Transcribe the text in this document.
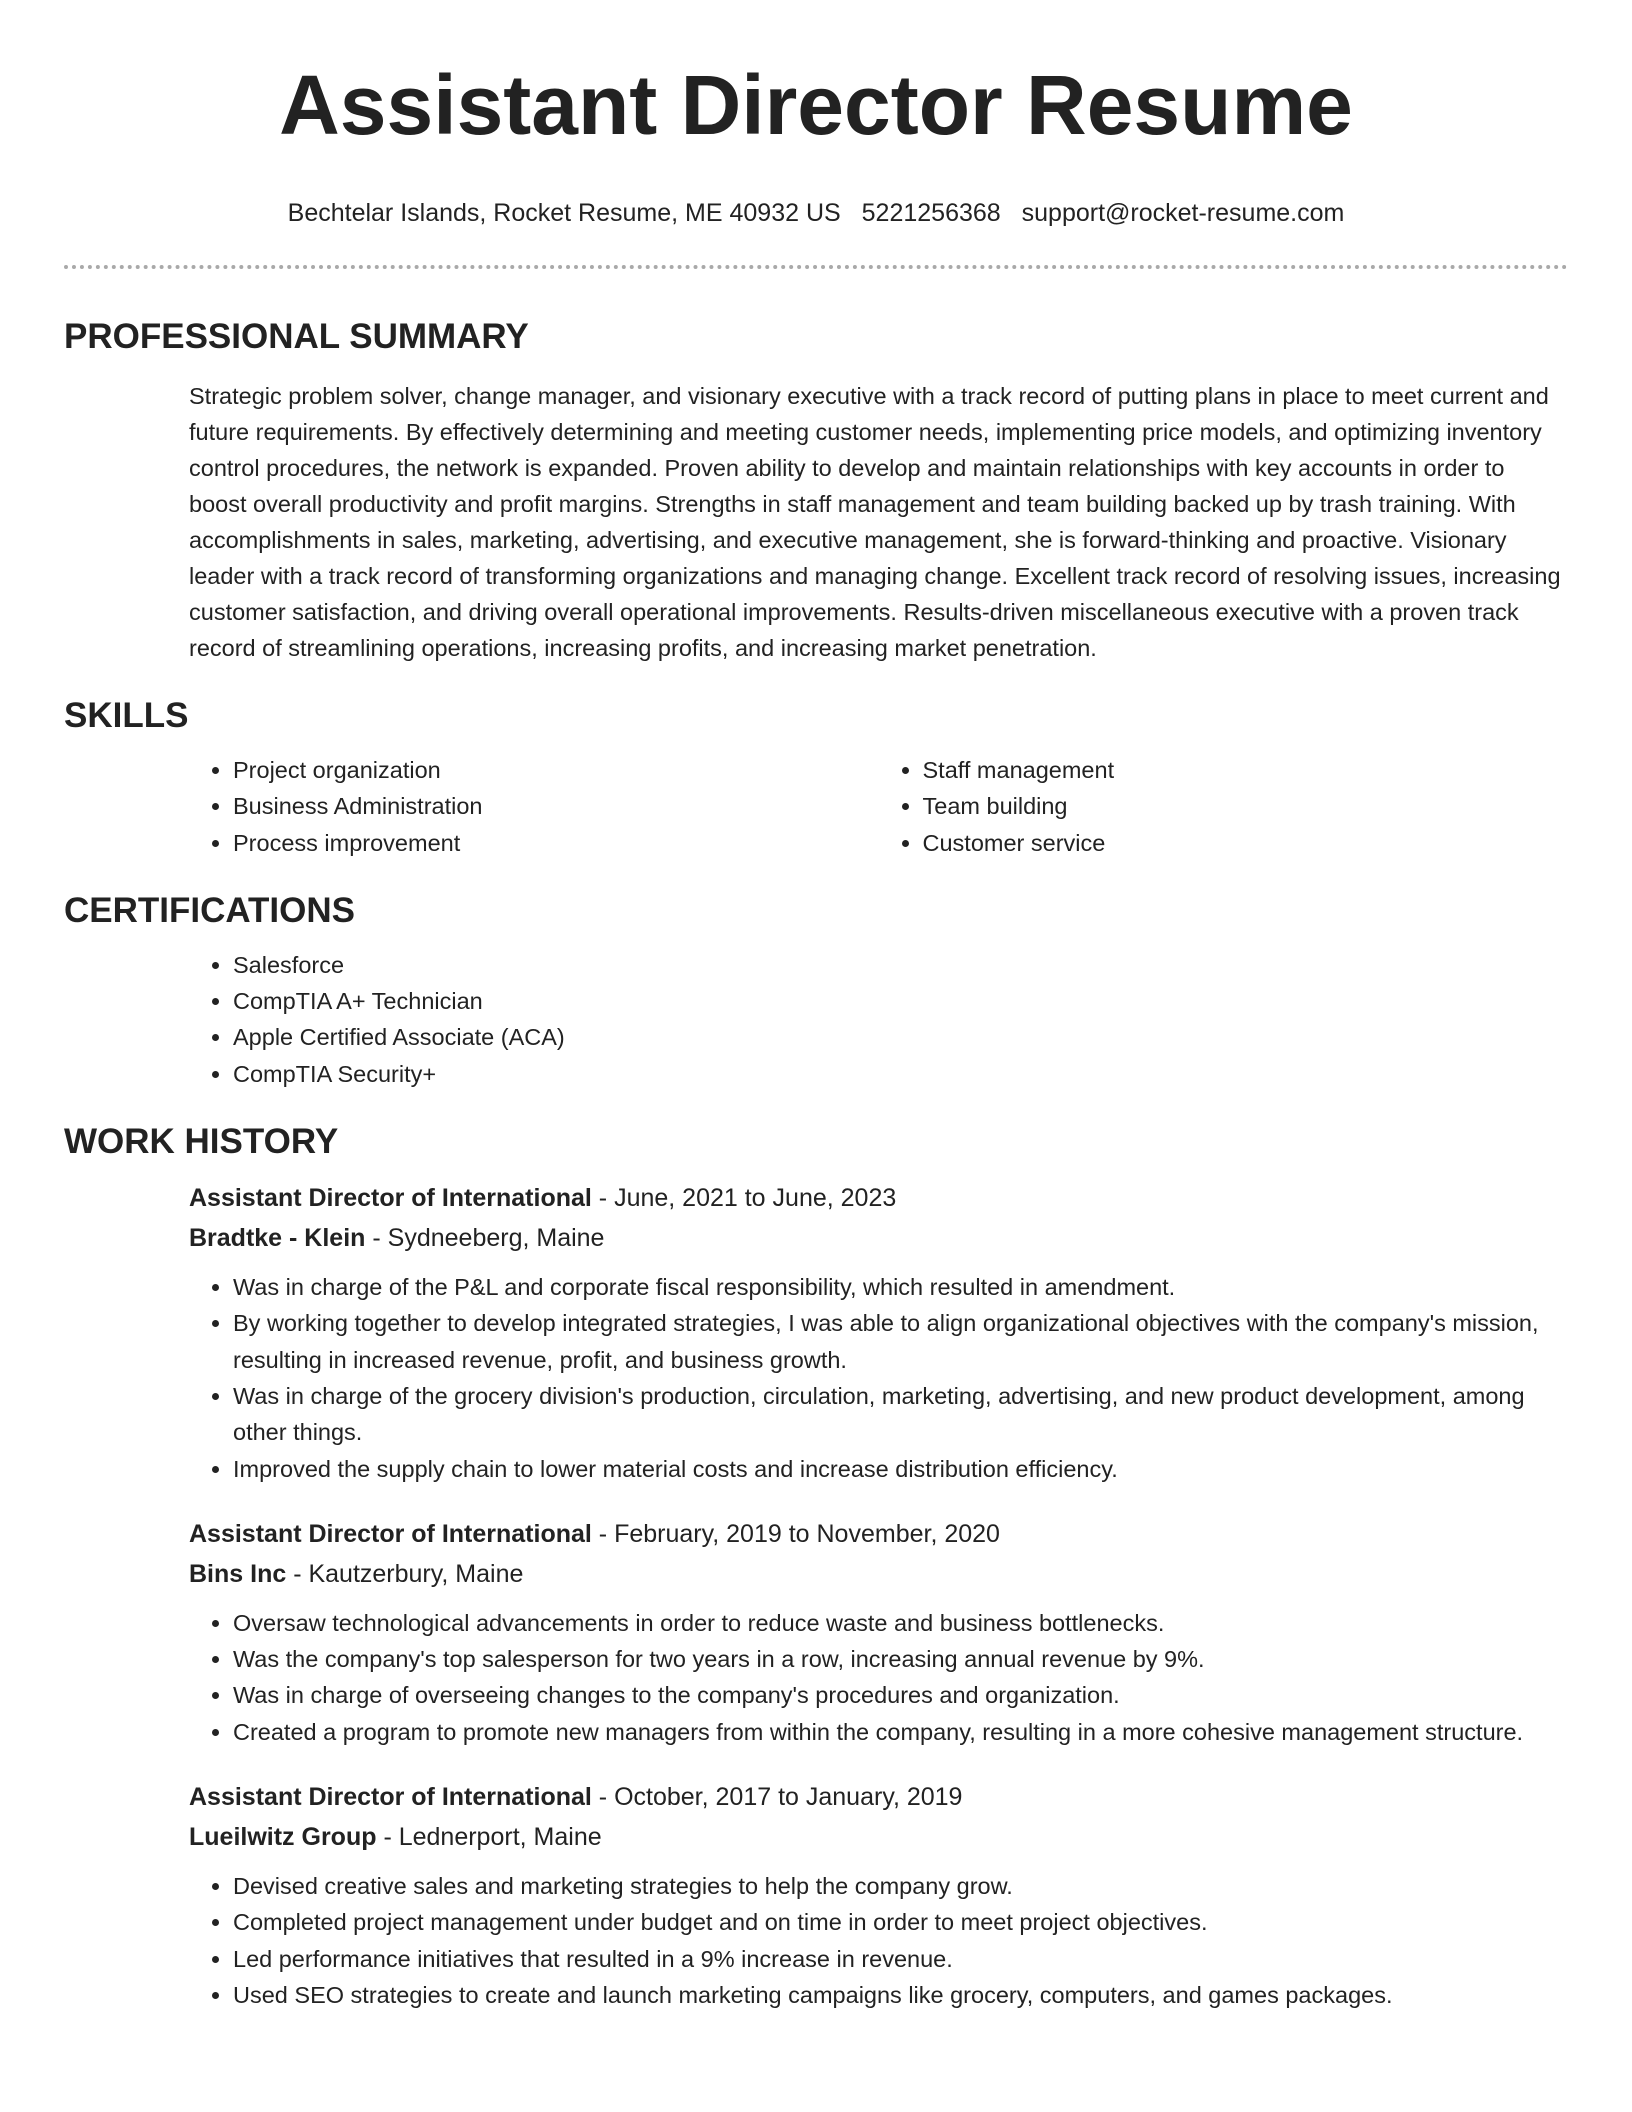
Assistant Director Resume
Bechtelar Islands, Rocket Resume, ME 40932 US 5221256368 support@rocket-resume.com
PROFESSIONAL SUMMARY

Strategic problem solver, change manager, and visionary executive with a track record of putting plans in place to meet current and future requirements. By effectively determining and meeting customer needs, implementing price models, and optimizing inventory control procedures, the network is expanded. Proven ability to develop and maintain relationships with key accounts in order to boost overall productivity and profit margins. Strengths in staff management and team building backed up by trash training. With accomplishments in sales, marketing, advertising, and executive management, she is forward-thinking and proactive. Visionary leader with a track record of transforming organizations and managing change. Excellent track record of resolving issues, increasing customer satisfaction, and driving overall operational improvements. Results-driven miscellaneous executive with a proven track record of streamlining operations, increasing profits, and increasing market penetration.

SKILLS
• Project organization
• Business Administration
• Process improvement
• Staff management
• Team building
• Customer service
CERTIFICATIONS
• Salesforce
• CompTIA A+ Technician
• Apple Certified Associate (ACA)
• CompTIA Security+
WORK HISTORY
Assistant Director of International - June, 2021 to June, 2023
Bradtke - Klein - Sydneeberg, Maine
• Was in charge of the P&L and corporate fiscal responsibility, which resulted in amendment.
• By working together to develop integrated strategies, I was able to align organizational objectives with the company's mission, resulting in increased revenue, profit, and business growth.
• Was in charge of the grocery division's production, circulation, marketing, advertising, and new product development, among other things.
• Improved the supply chain to lower material costs and increase distribution efficiency.
Assistant Director of International - February, 2019 to November, 2020
Bins Inc - Kautzerbury, Maine
• Oversaw technological advancements in order to reduce waste and business bottlenecks.
• Was the company's top salesperson for two years in a row, increasing annual revenue by 9%.
• Was in charge of overseeing changes to the company's procedures and organization.
• Created a program to promote new managers from within the company, resulting in a more cohesive management structure.
Assistant Director of International - October, 2017 to January, 2019
Lueilwitz Group - Lednerport, Maine
• Devised creative sales and marketing strategies to help the company grow.
• Completed project management under budget and on time in order to meet project objectives.
• Led performance initiatives that resulted in a 9% increase in revenue.
• Used SEO strategies to create and launch marketing campaigns like grocery, computers, and games packages.
